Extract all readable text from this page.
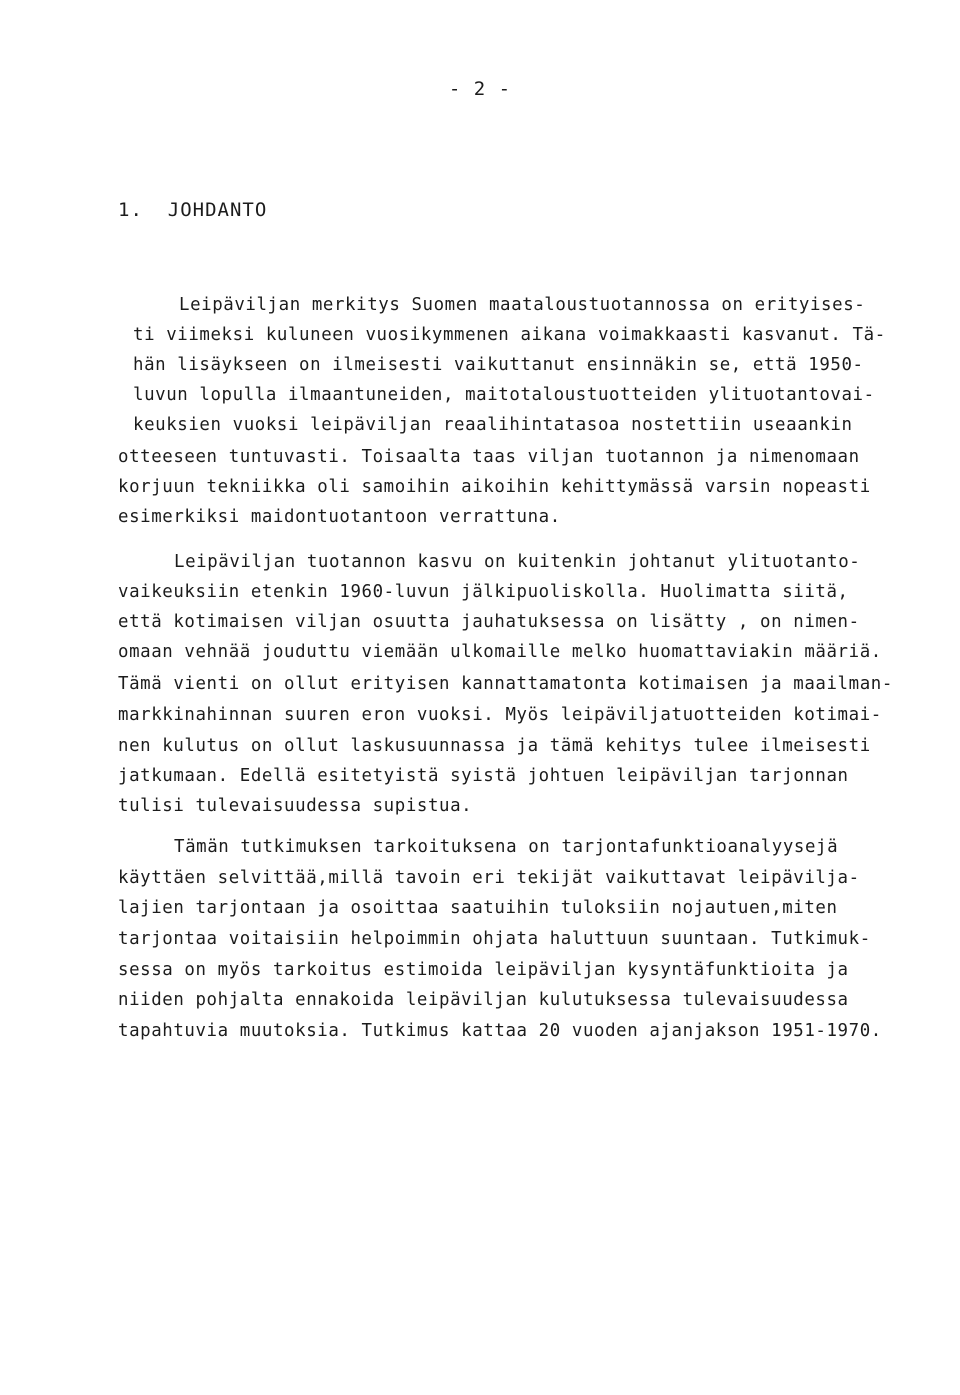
- 2 -
1. JOHDANTO
Leipäviljan merkitys Suomen maataloustuotannossa on erityises-
ti viimeksi kuluneen vuosikymmenen aikana voimakkaasti kasvanut. Tä-
hän lisäykseen on ilmeisesti vaikuttanut ensinnäkin se, että 1950-
luvun lopulla ilmaantuneiden, maitotaloustuotteiden ylituotantovai-
keuksien vuoksi leipäviljan reaalihintatasoa nostettiin useaankin
otteeseen tuntuvasti. Toisaalta taas viljan tuotannon ja nimenomaan
korjuun tekniikka oli samoihin aikoihin kehittymässä varsin nopeasti
esimerkiksi maidontuotantoon verrattuna.
Leipäviljan tuotannon kasvu on kuitenkin johtanut ylituotanto-
vaikeuksiin etenkin 1960-luvun jälkipuoliskolla. Huolimatta siitä,
että kotimaisen viljan osuutta jauhatuksessa on lisätty , on nimen-
omaan vehnää jouduttu viemään ulkomaille melko huomattaviakin määriä.
Tämä vienti on ollut erityisen kannattamatonta kotimaisen ja maailman-
markkinahinnan suuren eron vuoksi. Myös leipäviljatuotteiden kotimai-
nen kulutus on ollut laskusuunnassa ja tämä kehitys tulee ilmeisesti
jatkumaan. Edellä esitetyistä syistä johtuen leipäviljan tarjonnan
tulisi tulevaisuudessa supistua.
Tämän tutkimuksen tarkoituksena on tarjontafunktioanalyysejä
käyttäen selvittää,millä tavoin eri tekijät vaikuttavat leipävilja-
lajien tarjontaan ja osoittaa saatuihin tuloksiin nojautuen,miten
tarjontaa voitaisiin helpoimmin ohjata haluttuun suuntaan. Tutkimuk-
sessa on myös tarkoitus estimoida leipäviljan kysyntäfunktioita ja
niiden pohjalta ennakoida leipäviljan kulutuksessa tulevaisuudessa
tapahtuvia muutoksia. Tutkimus kattaa 20 vuoden ajanjakson 1951-1970.
